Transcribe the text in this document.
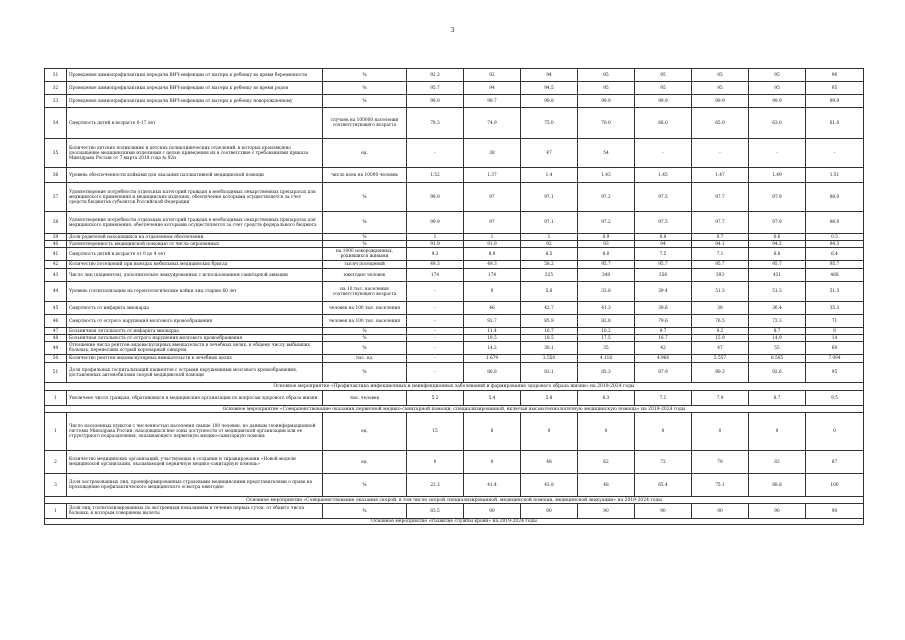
3
31	Проведение химиопрофилактики передачи ВИЧ-инфекции от матери к ребенку во время беременности	%	92.3	92	94	95	95	95	95	96
32	Проведение химиопрофилактики передачи ВИЧ-инфекции от матери к ребенку во время родов	%	95.7	94	94.5	95	95	95	95	95
33	Проведение химиопрофилактики передачи ВИЧ-инфекции от матери к ребенку новорожденному	%	99.9	99.7	99.8	99.9	99.9	99.9	99.9	99.9
34	Смертность детей в возрасте 0-17 лет	случаев на 100000 населения соответствующего возраста	79.3	74.9	75.0	70.0	68.0	65.0	63.0	61.0
35	Количество детских поликлиник и детских поликлинических отделений, в которых произведено дооснащение медицинскими изделиями с целью приведения их в соответствие с требованиями приказа Минздрава России от 7 марта 2018 года № 92н	ед.	-	38	47	54	-	-	-	-
36	Уровень обеспеченности койками для оказания паллиативной медицинской помощи	число коек на 10000 человек	1.52	1.37	1.4	1.43	1.45	1.47	1.49	1.51
37	Удовлетворение потребности отдельных категорий граждан в необходимых лекарственных препаратах для медицинского применения и медицинских изделиях, обеспечение которыми осуществляется за счет средств бюджетов субъектов Российской Федерации	%	99.9	97	97.1	97.2	97.5	97.7	97.9	98.0
38	Удовлетворение потребности отдельных категорий граждан в необходимых лекарственных препаратах для медицинского применения, обеспечение которыми осуществляется за счет средств федерального бюджета	%	99.9	97	97.1	97.2	97.5	97.7	97.9	98.0
39	Доля родителей находящихся на отдаленном обеспечении	%	1	1	1	0.9	0.8	0.7	0.6	0.5
40	Удовлетворенность медицинской помощью от числа опрошенных	%	91.9	91.9	92	93	94	94.1	94.2	94.3
41	Смертность детей в возрасте от 0 до 4 лет	на 1000 новорожденных, родившихся живыми	9.3	8.9	8.5	8.0	7.5	7.1	6.6	6.4
42	Количество посещений при выездах мобильных медицинских бригад	тысяч посещений	49.3	49.3	58.2	95.7	95.7	95.7	95.7	95.7
43	Число лиц (пациентов), дополнительно эвакуированных с использованием санитарной авиации	ежегодно человек	174	174	325	349	356	393	431	468
44	Уровень госпитализации на геронтологические койки лиц старше 60 лет	на 10 тыс. населения соответствующего возраста	-	0	5.6	33.8	39.4	51.3	51.3	51.3
45	Смертность от инфаркта миокарда	человек на 100 тыс. населения	-	46	42.7	41.3	39.6	38	36.4	35.3
46	Смертность от острого нарушения мозгового кровообращения	человек на 100 тыс. населения	-	92.7	85.9	82.8	79.6	76.5	73.3	71
47	Больничная летальность от инфаркта миокарда	%	-	11.4	10.7	10.2	9.7	9.2	8.7	8
48	Больничная летальность от острого нарушения мозгового кровообращения	%	-	19.5	18.5	17.5	16.7	15.9	14.9	14
49	Отношение числа рентген-эндоваскулярных вмешательств в лечебных целях, к общему числу выбывших больных, перенесших острый коронарный синдром	%	-	14.2	30.1	35	42	47	55	60
50	Количество рентген-эндоваскулярных вмешательств в лечебных целях	тыс. ед.	-	1.679	3.550	4.118	4.966	5.557	6.505	7.094
51	Доля профильных госпитализаций пациентов с острыми нарушениями мозгового кровообращения, доставленных автомобилями скорой медицинской помощи	%	-	80.8	83.1	85.3	87.9	90.3	92.6	95
Основное мероприятие «Профилактика инфекционных и неинфекционных заболеваний и формирование здорового образа жизни» на 2019-2024 годы										
1	Увеличено число граждан, обратившихся в медицинские организации по вопросам здорового образа жизни	тыс. человек	5.2	5.4	5.8	6.3	7.1	7.9	8.7	9.5
Основное мероприятие «Совершенствование оказания первичной медико-санитарной помощи, специализированной, включая высокотехнологичную медицинскую помощь» на 2019-2024 годы										
1	Число населенных пунктов с численностью населения свыше 100 человек, по данным геоинформационной системы Минздрава России, находящихся вне зоны доступности от медицинской организации или ее структурного подразделения, оказывающего первичную медико-санитарную помощь	ед.	15	8	0	0	0	0	0	0
2	Количество медицинских организаций, участвующих в создании и тиражировании «Новой модели медицинской организации, оказывающей первичную медико-санитарную помощь»	ед.	0	0	48	62	72	79	83	87
3	Доля застрахованных лиц, проинформированных страховыми медицинскими представителями о праве на прохождение профилактического медицинского осмотра ежегодно	%	22.3	41.4	43.8	48	65.4	75.1	88.8	100
Основное мероприятие «Совершенствование оказания скорой, в том числе скорой специализированной, медицинской помощи, медицинской эвакуации» на 2019-2024 годы										
1	Доля лиц, госпитализированных по экстренным показаниям в течение первых суток, от общего числа больных, к которым совершены вылеты	%	83.5	90	90	90	90	90	90	90
Основное мероприятие «Развитие службы крови» на 2019-2024 годы										
